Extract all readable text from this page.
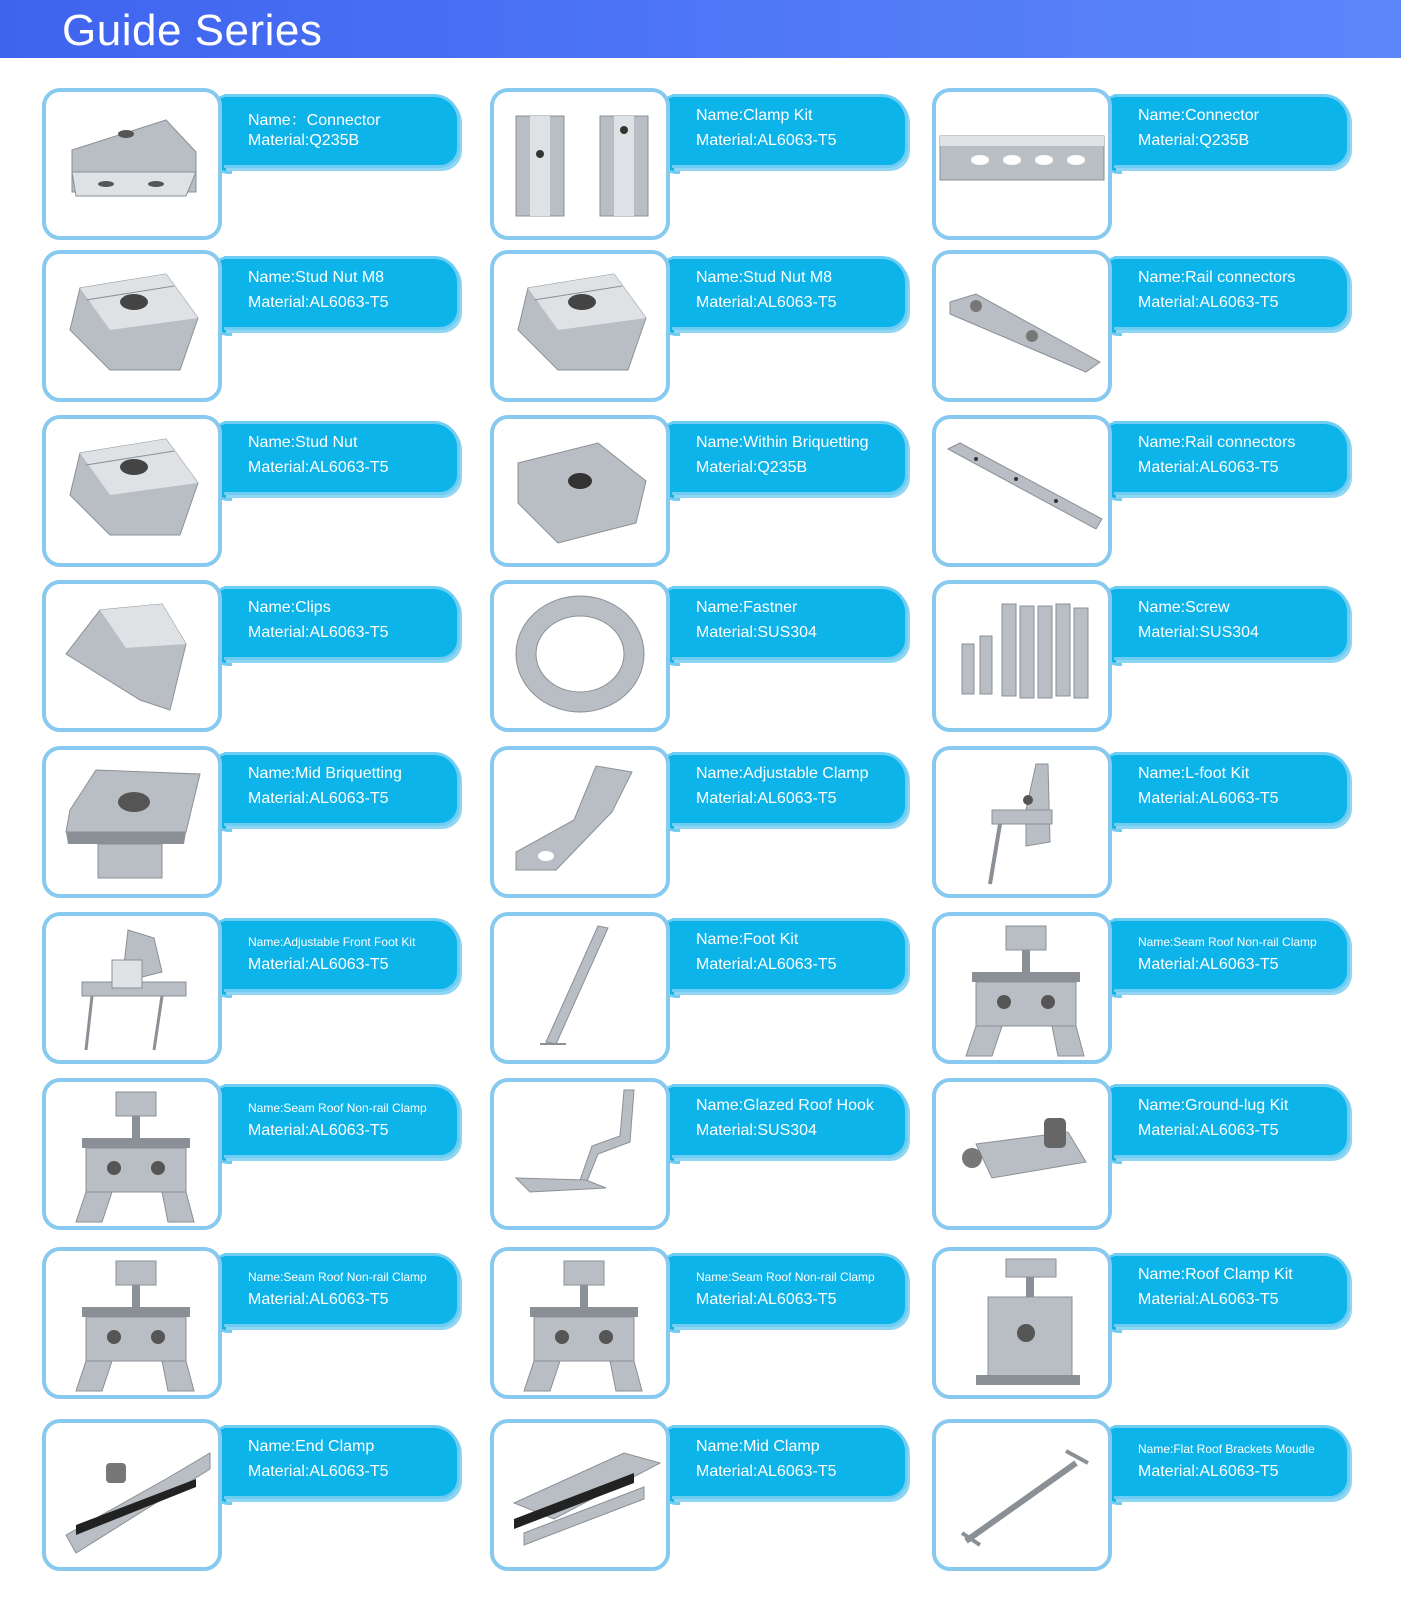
Guide Series
Name：Connector
Material:Q235B
Name:Clamp Kit
Material:AL6063-T5
Name:Connector
Material:Q235B
Name:Stud Nut M8
Material:AL6063-T5
Name:Stud Nut M8
Material:AL6063-T5
Name:Rail connectors
Material:AL6063-T5
Name:Stud Nut
Material:AL6063-T5
Name:Within Briquetting
Material:Q235B
Name:Rail connectors
Material:AL6063-T5
Name:Clips
Material:AL6063-T5
Name:Fastner
Material:SUS304
Name:Screw
Material:SUS304
Name:Mid Briquetting
Material:AL6063-T5
Name:Adjustable Clamp
Material:AL6063-T5
Name:L-foot Kit
Material:AL6063-T5
Name:Adjustable Front Foot Kit
Material:AL6063-T5
Name:Foot Kit
Material:AL6063-T5
Name:Seam Roof Non-rail Clamp
Material:AL6063-T5
Name:Seam Roof Non-rail Clamp
Material:AL6063-T5
Name:Glazed Roof Hook
Material:SUS304
Name:Ground-lug Kit
Material:AL6063-T5
Name:Seam Roof Non-rail Clamp
Material:AL6063-T5
Name:Seam Roof Non-rail Clamp
Material:AL6063-T5
Name:Roof Clamp Kit
Material:AL6063-T5
Name:End Clamp
Material:AL6063-T5
Name:Mid Clamp
Material:AL6063-T5
Name:Flat Roof Brackets Moudle
Material:AL6063-T5
